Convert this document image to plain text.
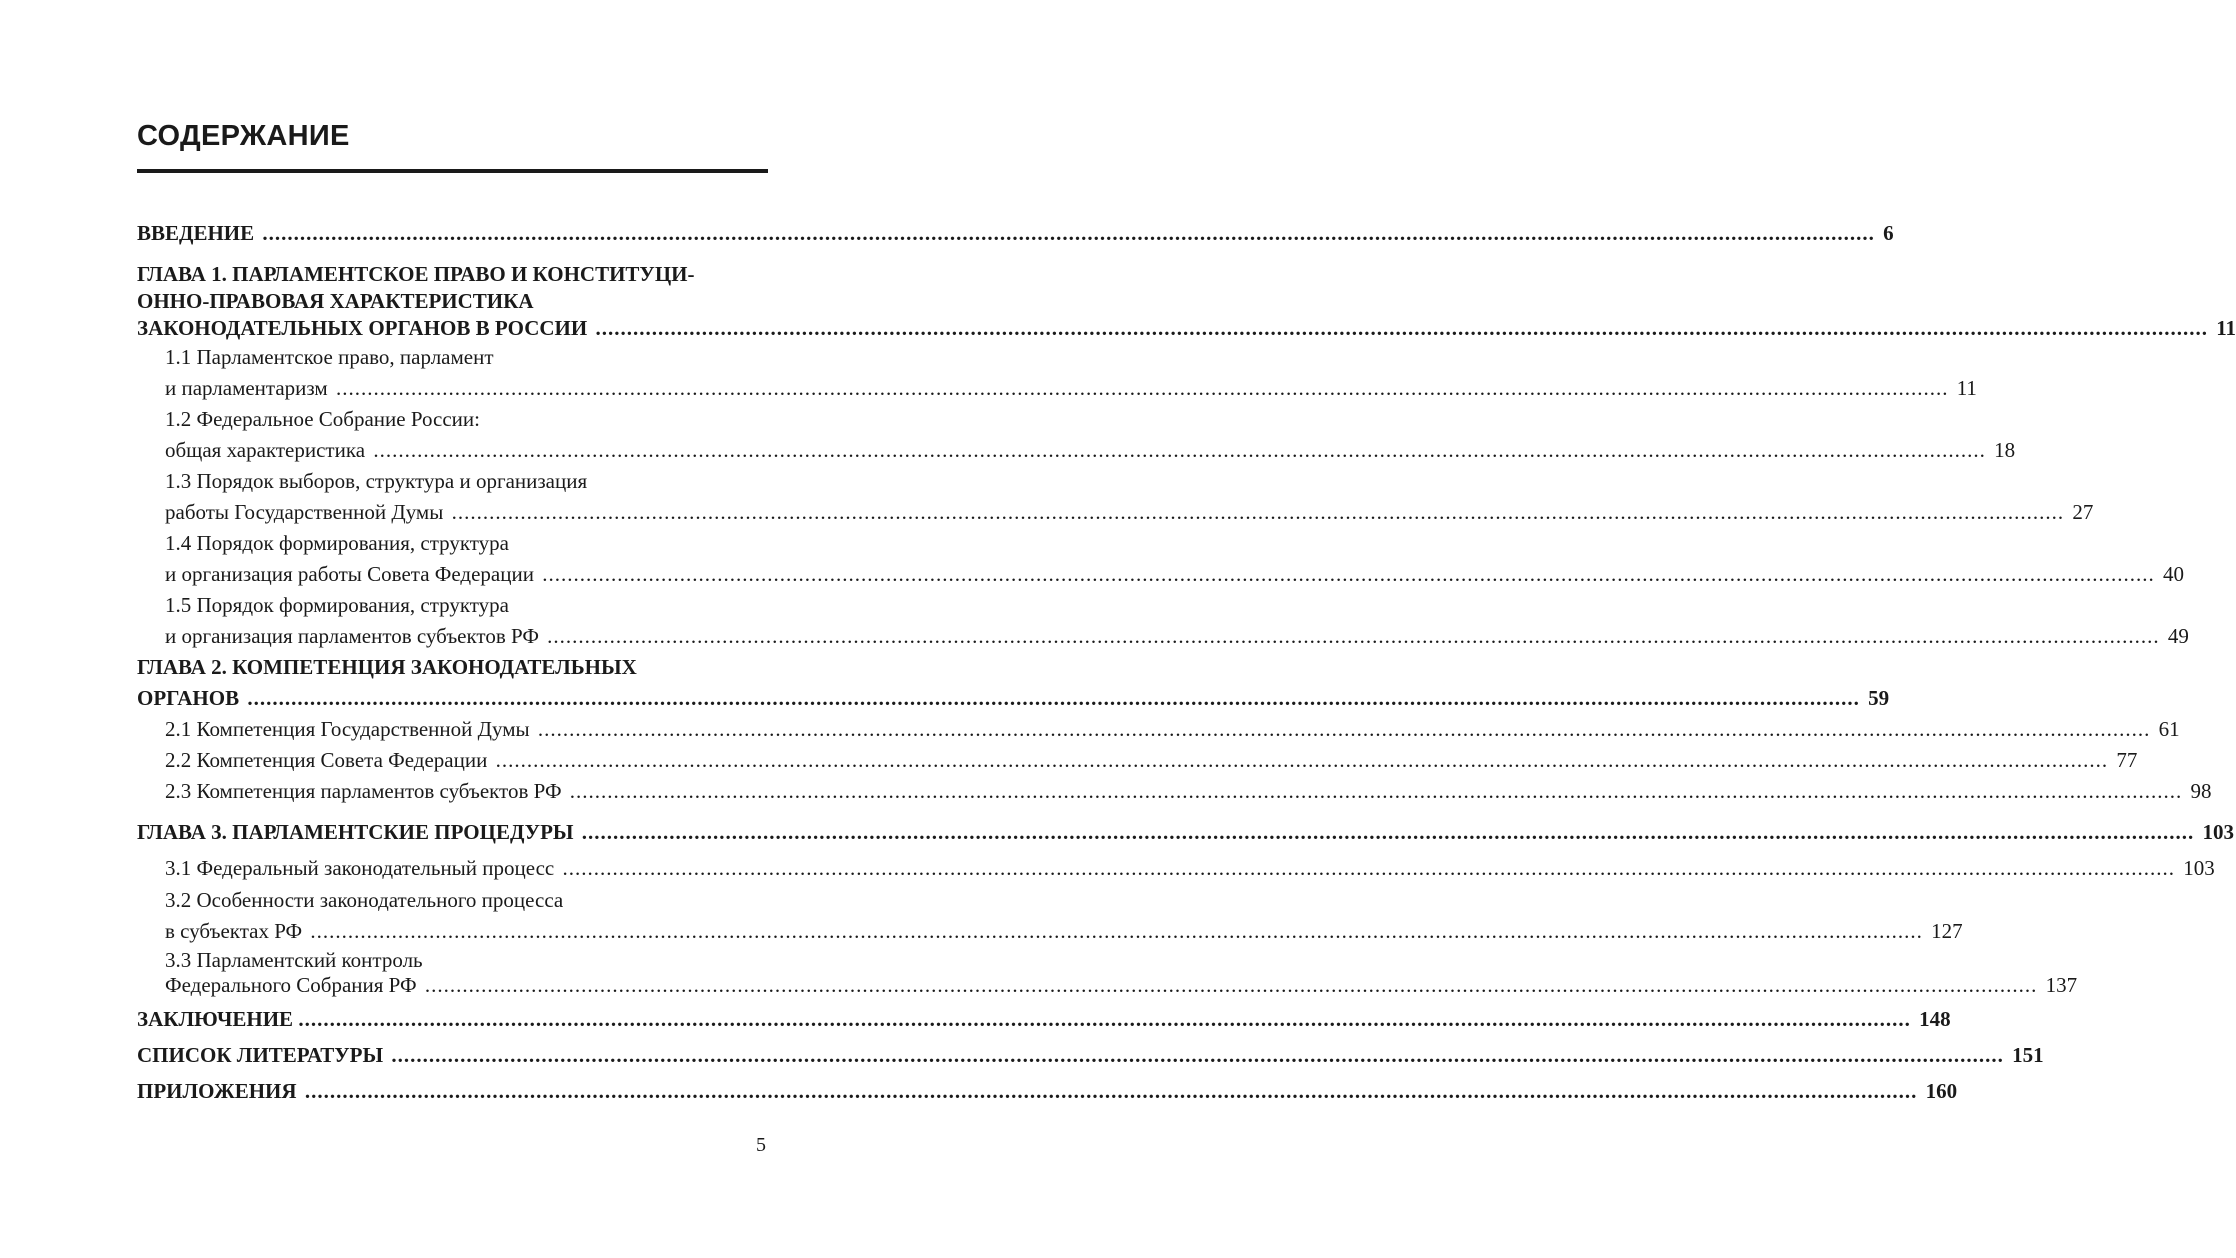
СОДЕРЖАНИЕ
ВВЕДЕНИЕ .....	6
ГЛАВА 1. ПАРЛАМЕНТСКОЕ ПРАВО И КОНСТИТУЦИ-
ОННО-ПРАВОВАЯ ХАРАКТЕРИСТИКА
ЗАКОНОДАТЕЛЬНЫХ ОРГАНОВ В РОССИИ .....	11
1.1 Парламентское право, парламент
и парламентаризм .....	11
1.2 Федеральное Собрание России:
общая характеристика .....	18
1.3 Порядок выборов, структура и организация
работы Государственной Думы .....	27
1.4 Порядок формирования, структура
и организация работы Совета Федерации .....	40
1.5 Порядок формирования, структура
и организация парламентов субъектов РФ .....	49
ГЛАВА 2. КОМПЕТЕНЦИЯ ЗАКОНОДАТЕЛЬНЫХ
ОРГАНОВ .....	59
2.1 Компетенция Государственной Думы .....	61
2.2 Компетенция Совета Федерации .....	77
2.3 Компетенция парламентов субъектов РФ .....	98
ГЛАВА 3. ПАРЛАМЕНТСКИЕ ПРОЦЕДУРЫ .....	103
3.1 Федеральный законодательный процесс .....	103
3.2 Особенности законодательного процесса
в субъектах РФ .....	127
3.3 Парламентский контроль
Федерального Собрания РФ .....	137
ЗАКЛЮЧЕНИЕ .....	148
СПИСОК ЛИТЕРАТУРЫ .....	151
ПРИЛОЖЕНИЯ .....	160
5
